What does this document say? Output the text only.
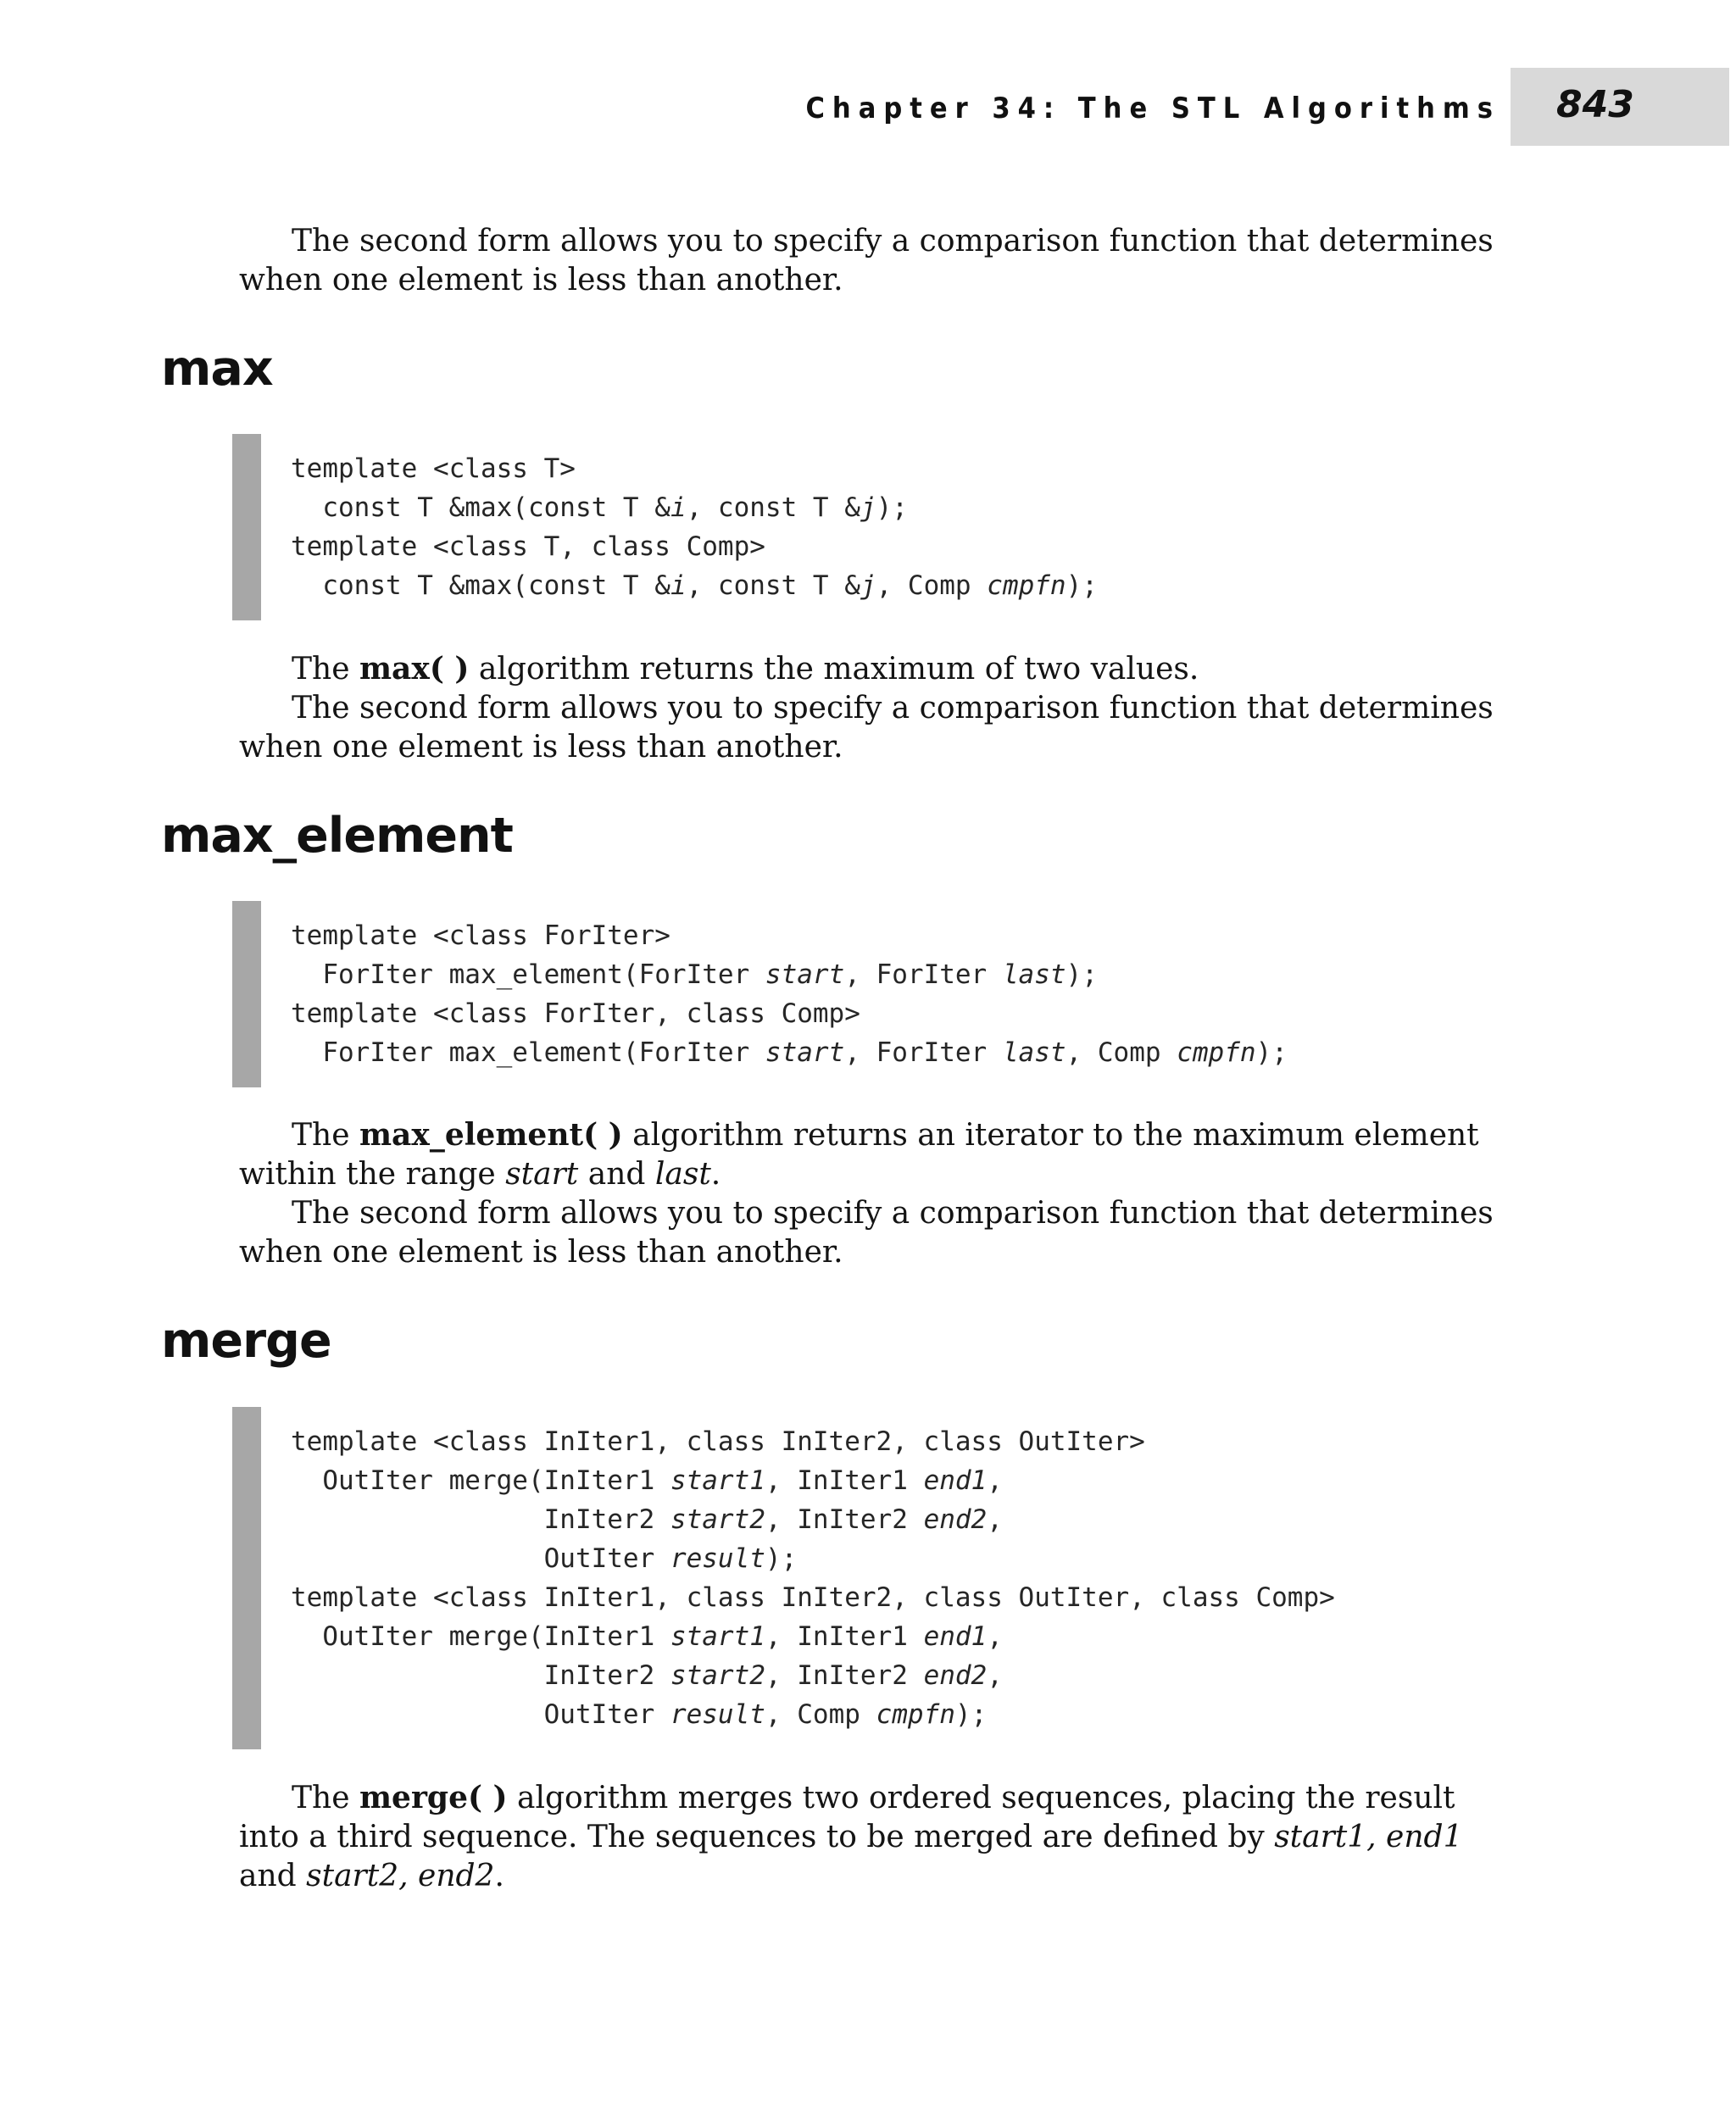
Chapter 34: The STL Algorithms 843

The second form allows you to specify a comparison function that determines when one element is less than another.

max
template <class T>
const T &max(const T &i, const T &j);
template <class T, class Comp>
const T &max(const T &i, const T &j, Comp cmpfn);

The max( ) algorithm returns the maximum of two values.

The second form allows you to specify a comparison function that determines when one element is less than another.

max_element
template <class ForIter>
ForIter max_element(ForIter start, ForIter last);
template <class ForIter, class Comp>
ForIter max_element(ForIter start, ForIter last, Comp cmpfn);

The max_element( ) algorithm returns an iterator to the maximum element within the range start and last.

The second form allows you to specify a comparison function that determines when one element is less than another.

merge
template <class InIter1, class InIter2, class OutIter>
OutIter merge(InIter1 start1, InIter1 end1,
InIter2 start2, InIter2 end2,
OutIter result);
template <class InIter1, class InIter2, class OutIter, class Comp>
OutIter merge(InIter1 start1, InIter1 end1,
InIter2 start2, InIter2 end2,
OutIter result, Comp cmpfn);

The merge( ) algorithm merges two ordered sequences, placing the result into a third sequence. The sequences to be merged are defined by start1, end1 and start2, end2.
